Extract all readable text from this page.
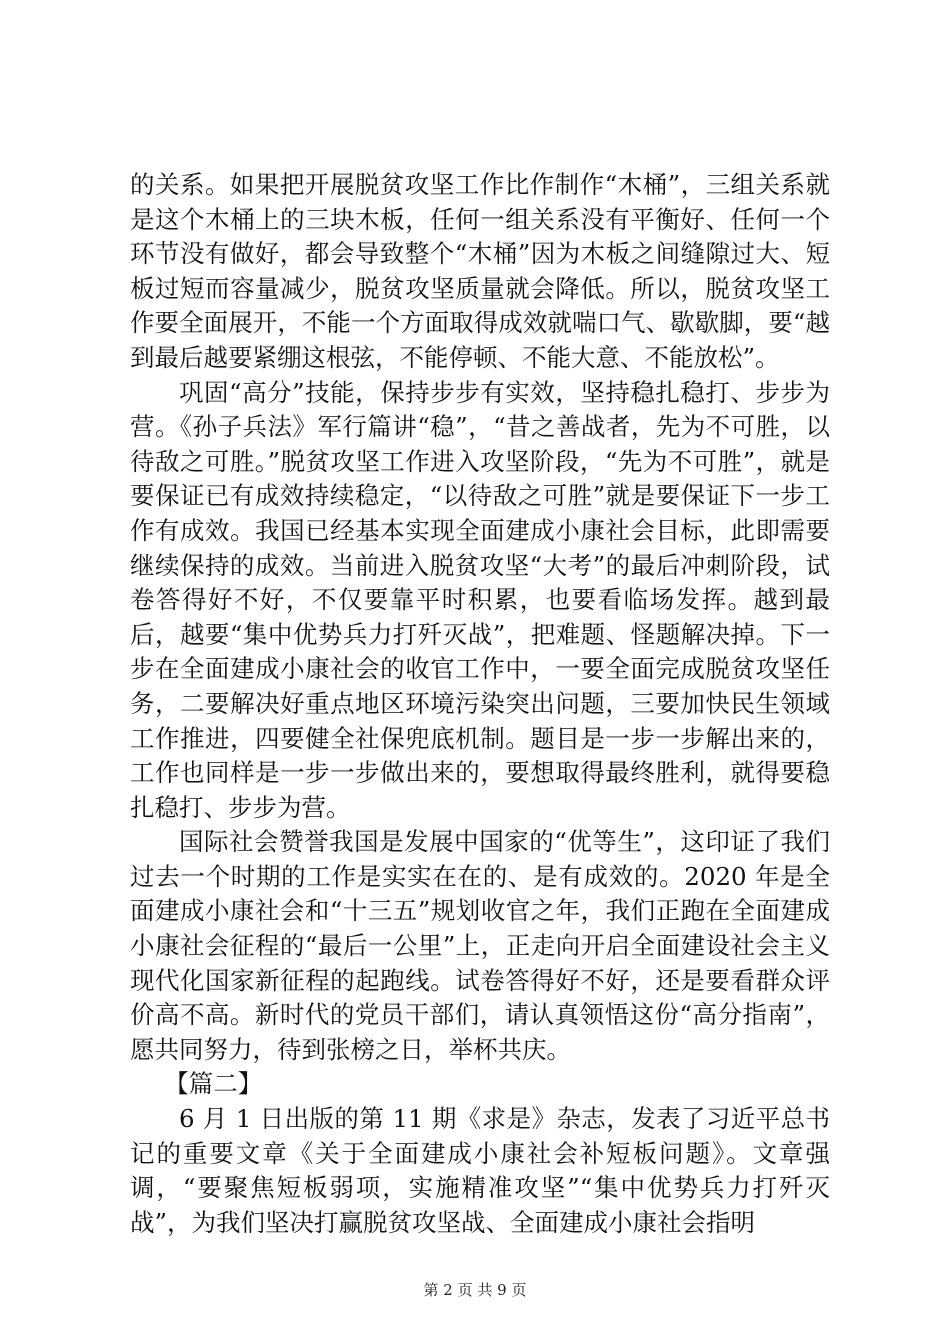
的关系。如果把开展脱贫攻坚工作比作制作“木桶”，三组关系就是这个木桶上的三块木板，任何一组关系没有平衡好、任何一个环节没有做好，都会导致整个“木桶”因为木板之间缝隙过大、短板过短而容量减少，脱贫攻坚质量就会降低。所以，脱贫攻坚工作要全面展开，不能一个方面取得成效就喘口气、歇歇脚，要“越到最后越要紧绷这根弦，不能停顿、不能大意、不能放松”。

巩固“高分”技能，保持步步有实效，坚持稳扎稳打、步步为营。《孙子兵法》军行篇讲“稳”，“昔之善战者，先为不可胜，以待敌之可胜。”脱贫攻坚工作进入攻坚阶段，“先为不可胜”，就是要保证已有成效持续稳定，“以待敌之可胜”就是要保证下一步工作有成效。我国已经基本实现全面建成小康社会目标，此即需要继续保持的成效。当前进入脱贫攻坚“大考”的最后冲刺阶段，试卷答得好不好，不仅要靠平时积累，也要看临场发挥。越到最后，越要“集中优势兵力打歼灭战”，把难题、怪题解决掉。下一步在全面建成小康社会的收官工作中，一要全面完成脱贫攻坚任务，二要解决好重点地区环境污染突出问题，三要加快民生领域工作推进，四要健全社保兜底机制。题目是一步一步解出来的，工作也同样是一步一步做出来的，要想取得最终胜利，就得要稳扎稳打、步步为营。

国际社会赞誉我国是发展中国家的“优等生”，这印证了我们过去一个时期的工作是实实在在的、是有成效的。2020 年是全面建成小康社会和“十三五”规划收官之年，我们正跑在全面建成小康社会征程的“最后一公里”上，正走向开启全面建设社会主义现代化国家新征程的起跑线。试卷答得好不好，还是要看群众评价高不高。新时代的党员干部们，请认真领悟这份“高分指南”，愿共同努力，待到张榜之日，举杯共庆。

【篇二】

6 月 1 日出版的第 11 期《求是》杂志，发表了习近平总书记的重要文章《关于全面建成小康社会补短板问题》。文章强调，“要聚焦短板弱项，实施精准攻坚”“集中优势兵力打歼灭战”，为我们坚决打赢脱贫攻坚战、全面建成小康社会指明

第 2 页 共 9 页
